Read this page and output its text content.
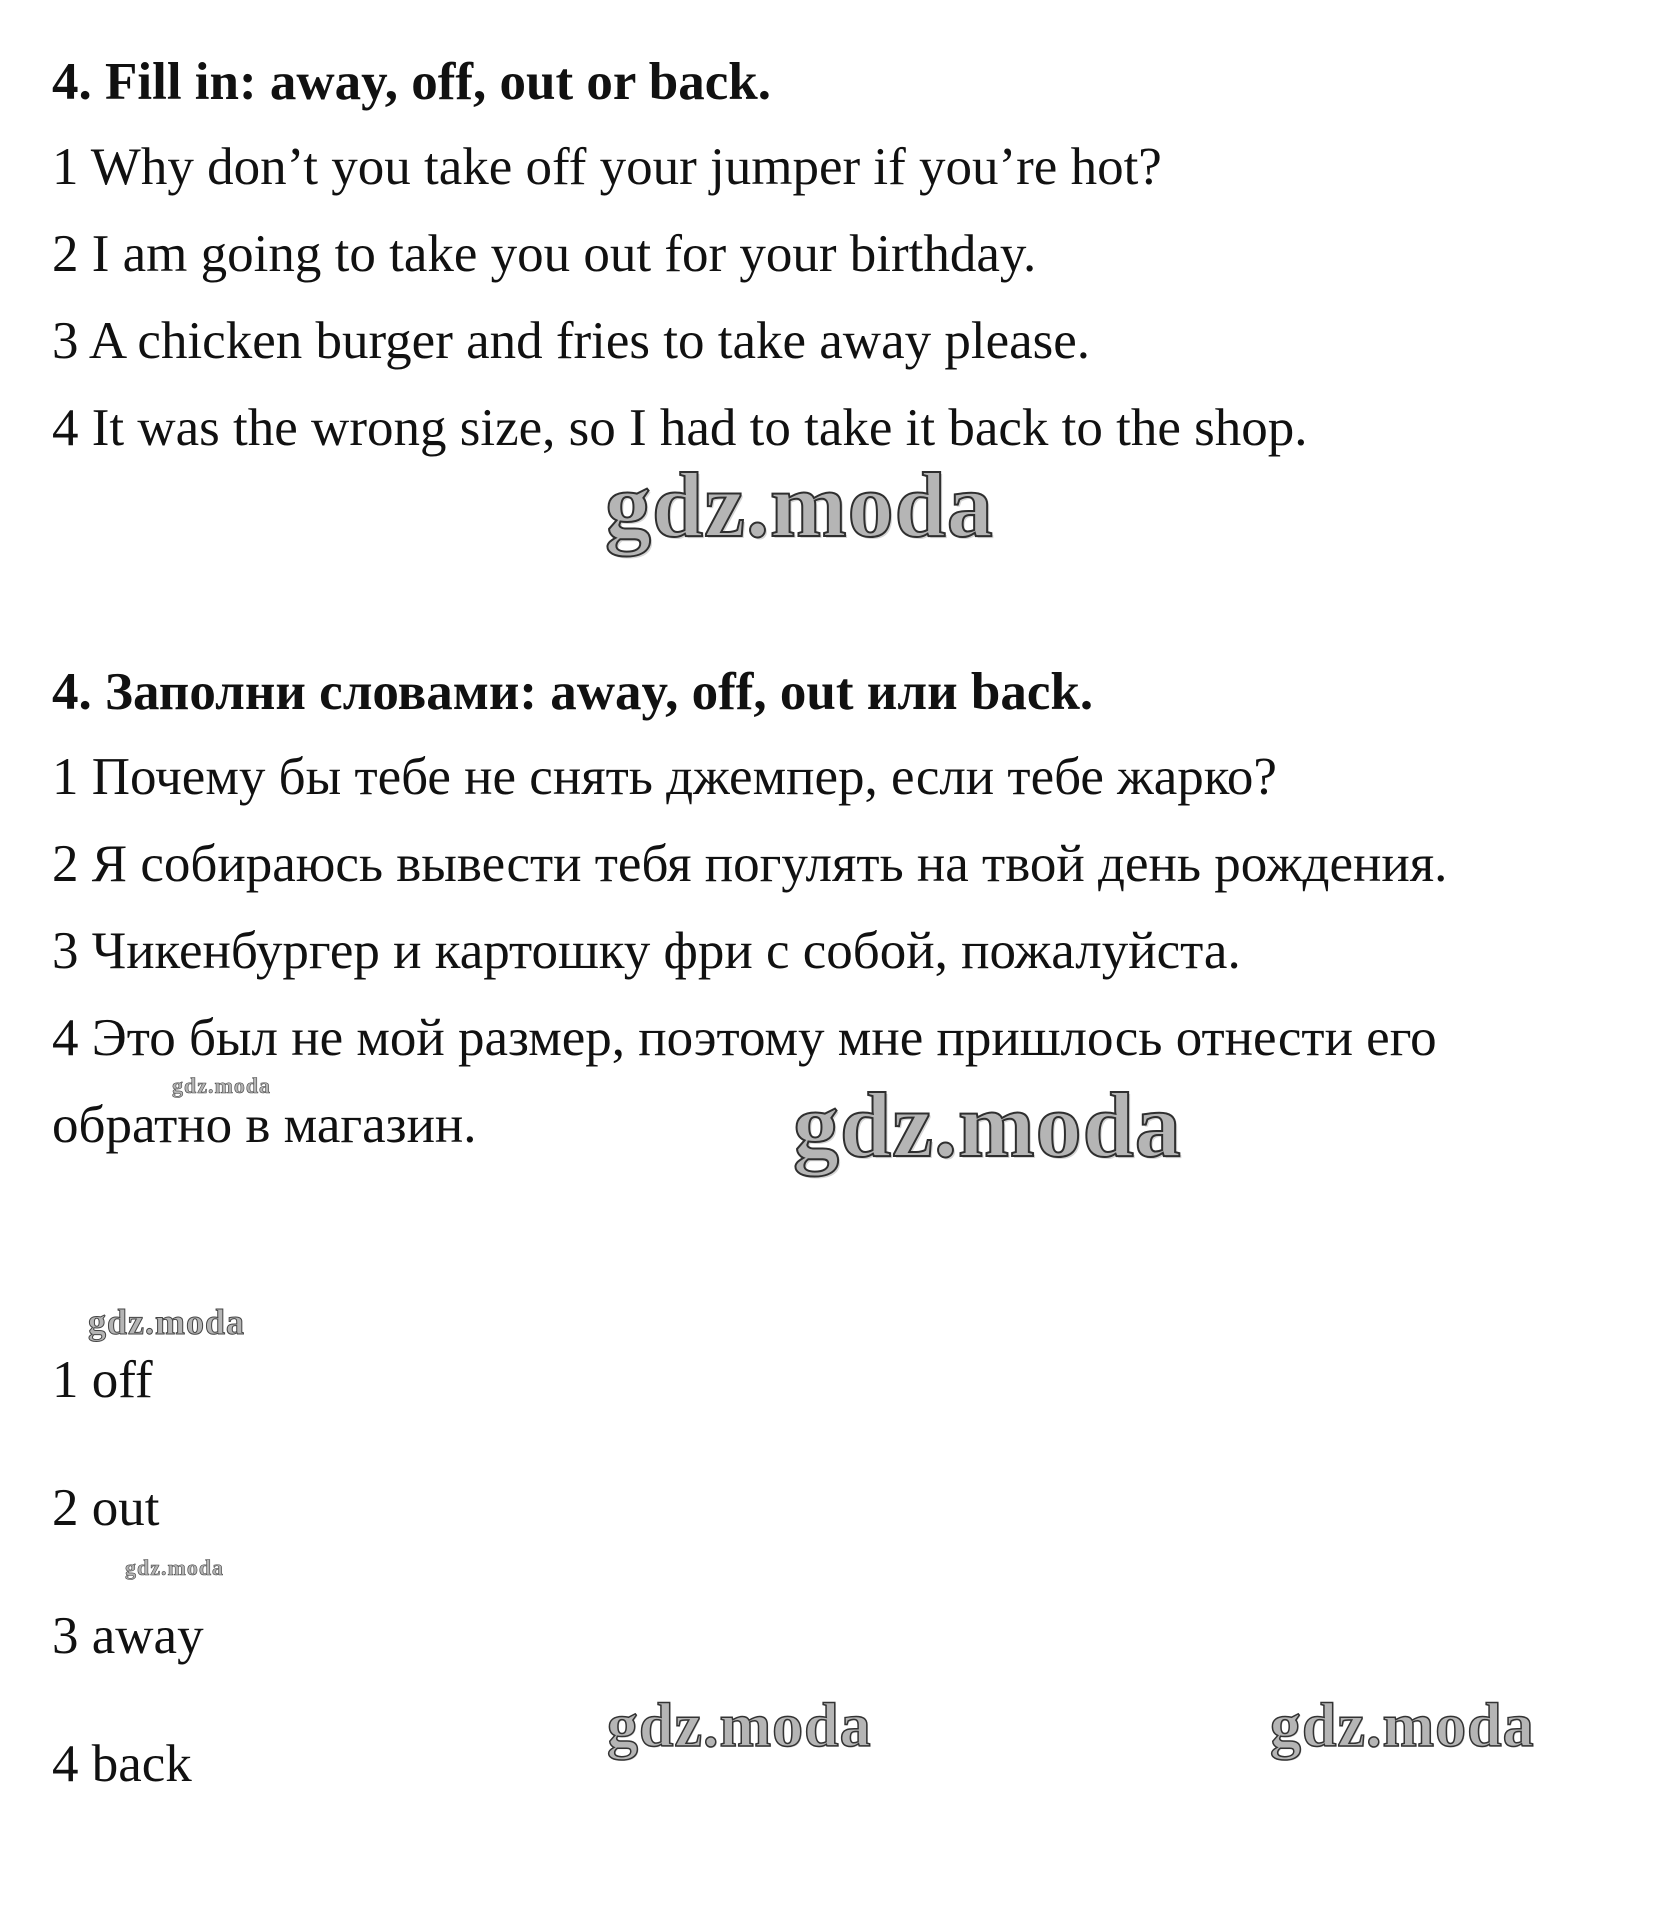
4. Fill in: away, off, out or back.
1 Why don’t you take off your jumper if you’re hot?
2 I am going to take you out for your birthday.
3 A chicken burger and fries to take away please.
4 It was the wrong size, so I had to take it back to the shop.
4. Заполни словами: away, off, out или back.
1 Почему бы тебе не снять джемпер, если тебе жарко?
2 Я собираюсь вывести тебя погулять на твой день рождения.
3 Чикенбургер и картошку фри с собой, пожалуйста.
4 Это был не мой размер, поэтому мне пришлось отнести его
обратно в магазин.
1 off
2 out
3 away
4 back
gdz.moda
gdz.moda
gdz.moda
gdz.moda
gdz.moda
gdz.moda	gdz.moda
